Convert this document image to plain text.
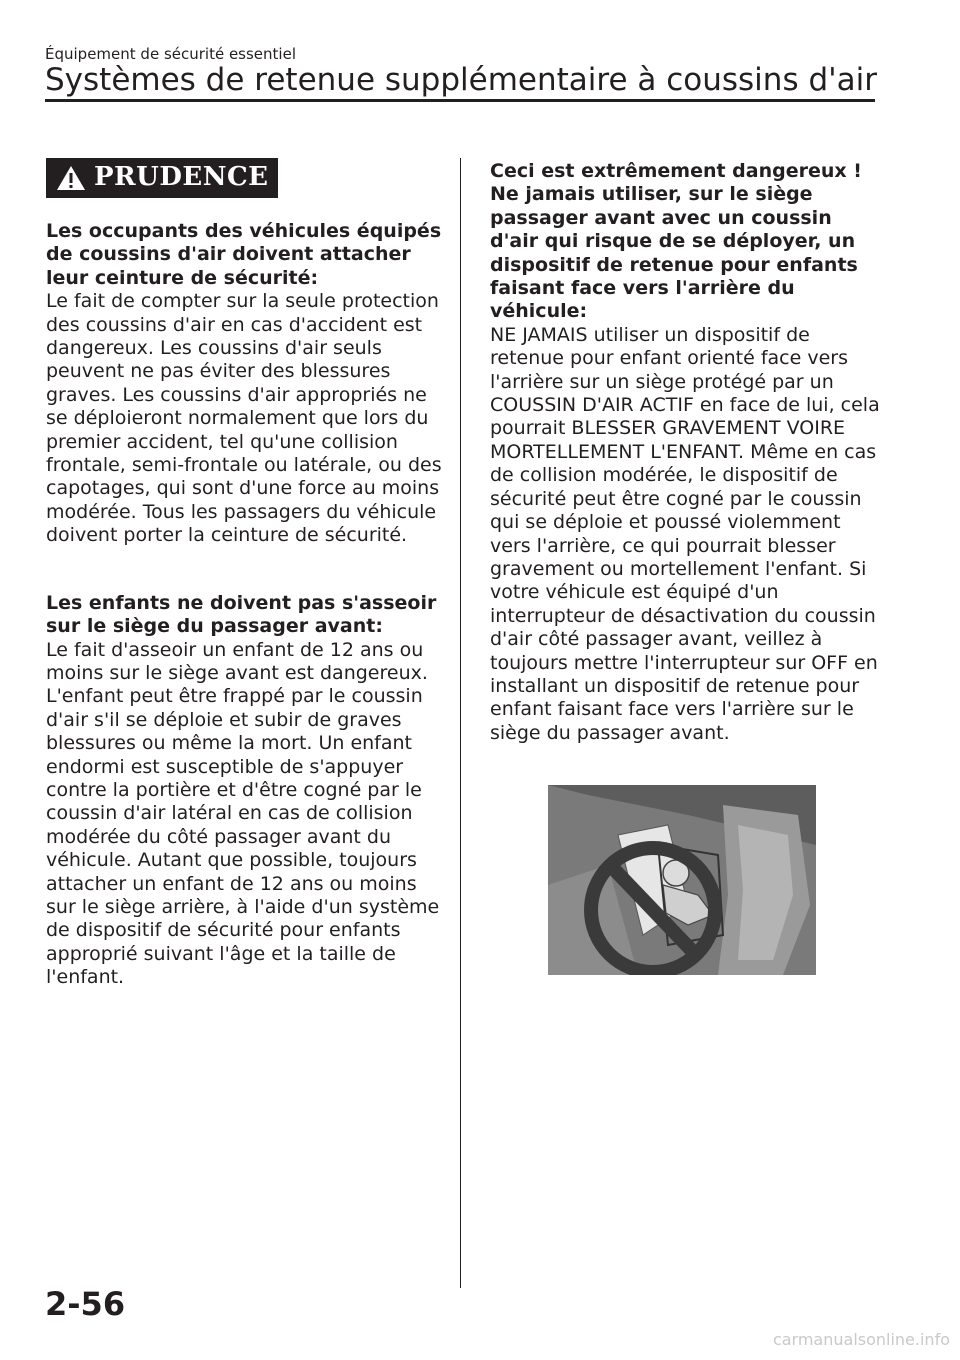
Équipement de sécurité essentiel
Systèmes de retenue supplémentaire à coussins d'air
PRUDENCE

Les occupants des véhicules équipés de coussins d'air doivent attacher leur ceinture de sécurité:
Le fait de compter sur la seule protection des coussins d'air en cas d'accident est dangereux. Les coussins d'air seuls peuvent ne pas éviter des blessures graves. Les coussins d'air appropriés ne se déploieront normalement que lors du premier accident, tel qu'une collision frontale, semi-frontale ou latérale, ou des capotages, qui sont d'une force au moins modérée. Tous les passagers du véhicule doivent porter la ceinture de sécurité.

Les enfants ne doivent pas s'asseoir sur le siège du passager avant:
Le fait d'asseoir un enfant de 12 ans ou moins sur le siège avant est dangereux. L'enfant peut être frappé par le coussin d'air s'il se déploie et subir de graves blessures ou même la mort. Un enfant endormi est susceptible de s'appuyer contre la portière et d'être cogné par le coussin d'air latéral en cas de collision modérée du côté passager avant du véhicule. Autant que possible, toujours attacher un enfant de 12 ans ou moins sur le siège arrière, à l'aide d'un système de dispositif de sécurité pour enfants approprié suivant l'âge et la taille de l'enfant.

Ceci est extrêmement dangereux ! Ne jamais utiliser, sur le siège passager avant avec un coussin d'air qui risque de se déployer, un dispositif de retenue pour enfants faisant face vers l'arrière du véhicule:
NE JAMAIS utiliser un dispositif de retenue pour enfant orienté face vers l'arrière sur un siège protégé par un COUSSIN D'AIR ACTIF en face de lui, cela pourrait BLESSER GRAVEMENT VOIRE MORTELLEMENT L'ENFANT. Même en cas de collision modérée, le dispositif de sécurité peut être cogné par le coussin qui se déploie et poussé violemment vers l'arrière, ce qui pourrait blesser gravement ou mortellement l'enfant. Si votre véhicule est équipé d'un interrupteur de désactivation du coussin d'air côté passager avant, veillez à toujours mettre l'interrupteur sur OFF en installant un dispositif de retenue pour enfant faisant face vers l'arrière sur le siège du passager avant.

2-56
carmanualsonline.info
